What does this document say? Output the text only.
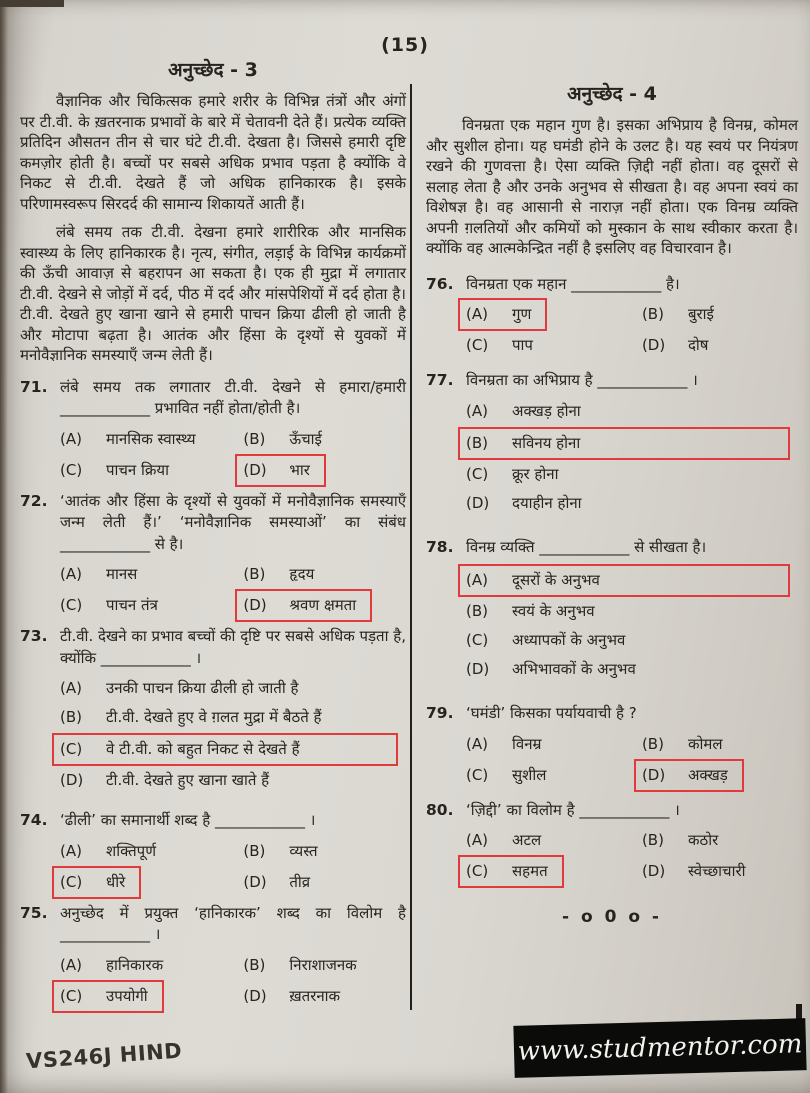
(15)
अनुच्छेद - 3

वैज्ञानिक और चिकित्सक हमारे शरीर के विभिन्न तंत्रों और अंगों पर टी.वी. के ख़तरनाक प्रभावों के बारे में चेतावनी देते हैं। प्रत्येक व्यक्ति प्रतिदिन औसतन तीन से चार घंटे टी.वी. देखता है। जिससे हमारी दृष्टि कमज़ोर होती है। बच्चों पर सबसे अधिक प्रभाव पड़ता है क्योंकि वे निकट से टी.वी. देखते हैं जो अधिक हानिकारक है। इसके परिणामस्वरूप सिरदर्द की सामान्य शिकायतें आती हैं।

लंबे समय तक टी.वी. देखना हमारे शारीरिक और मानसिक स्वास्थ्य के लिए हानिकारक है। नृत्य, संगीत, लड़ाई के विभिन्न कार्यक्रमों की ऊँची आवाज़ से बहरापन आ सकता है। एक ही मुद्रा में लगातार टी.वी. देखने से जोड़ों में दर्द, पीठ में दर्द और मांसपेशियों में दर्द होता है। टी.वी. देखते हुए खाना खाने से हमारी पाचन क्रिया ढीली हो जाती है और मोटापा बढ़ता है। आतंक और हिंसा के दृश्यों से युवकों में मनोवैज्ञानिक समस्याएँ जन्म लेती हैं।

71. लंबे समय तक लगातार टी.वी. देखने से हमारा/हमारी ____________ प्रभावित नहीं होता/होती है।

(A)	मानसिक स्वास्थ्य	(B)	ऊँचाई
(C)	पाचन क्रिया	(D)	भार
72. ‘आतंक और हिंसा के दृश्यों से युवकों में मनोवैज्ञानिक समस्याएँ जन्म लेती हैं।’ ‘मनोवैज्ञानिक समस्याओं’ का संबंध ____________ से है।

(A)	मानस	(B)	हृदय
(C)	पाचन तंत्र	(D)	श्रवण क्षमता
73. टी.वी. देखने का प्रभाव बच्चों की दृष्टि पर सबसे अधिक पड़ता है, क्योंकि ____________ ।

(A)	उनकी पाचन क्रिया ढीली हो जाती है
(B)	टी.वी. देखते हुए वे ग़लत मुद्रा में बैठते हैं
(C)	वे टी.वी. को बहुत निकट से देखते हैं
(D)	टी.वी. देखते हुए खाना खाते हैं
74. ‘ढीली’ का समानार्थी शब्द है ____________ ।

(A)	शक्तिपूर्ण	(B)	व्यस्त
(C)	धीरे	(D)	तीव्र
75. अनुच्छेद में प्रयुक्त ‘हानिकारक’ शब्द का विलोम है ____________ ।

(A)	हानिकारक	(B)	निराशाजनक
(C)	उपयोगी	(D)	ख़तरनाक
अनुच्छेद - 4

विनम्रता एक महान गुण है। इसका अभिप्राय है विनम्र, कोमल और सुशील होना। यह घमंडी होने के उलट है। यह स्वयं पर नियंत्रण रखने की गुणवत्ता है। ऐसा व्यक्ति ज़िद्दी नहीं होता। वह दूसरों से सलाह लेता है और उनके अनुभव से सीखता है। वह अपना स्वयं का विशेषज्ञ है। वह आसानी से नाराज़ नहीं होता। एक विनम्र व्यक्ति अपनी ग़लतियों और कमियों को मुस्कान के साथ स्वीकार करता है। क्योंकि वह आत्मकेन्द्रित नहीं है इसलिए वह विचारवान है।

76. विनम्रता एक महान ____________ है।

(A)	गुण	(B)	बुराई
(C)	पाप	(D)	दोष
77. विनम्रता का अभिप्राय है ____________ ।

(A)	अक्खड़ होना
(B)	सविनय होना
(C)	क्रूर होना
(D)	दयाहीन होना
78. विनम्र व्यक्ति ____________ से सीखता है।

(A)	दूसरों के अनुभव
(B)	स्वयं के अनुभव
(C)	अध्यापकों के अनुभव
(D)	अभिभावकों के अनुभव
79. ‘घमंडी’ किसका पर्यायवाची है ?

(A)	विनम्र	(B)	कोमल
(C)	सुशील	(D)	अक्खड़
80. ‘ज़िद्दी’ का विलोम है ____________ ।

(A)	अटल	(B)	कठोर
(C)	सहमत	(D)	स्वेच्छाचारी
- o 0 o -
VS246J HIND	www.studmentor.com
